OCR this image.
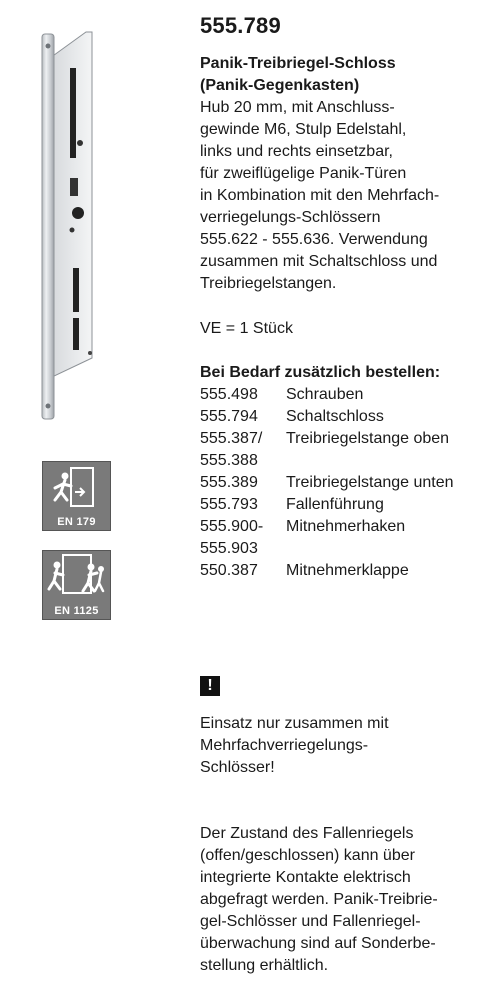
EN 179
EN 1125
555.789
Panik-Treibriegel-Schloss
(Panik-Gegenkasten)
Hub 20 mm, mit Anschluss-
gewinde M6, Stulp Edelstahl,
links und rechts einsetzbar,
für zweiflügelige Panik-Türen
in Kombination mit den Mehrfach-
verriegelungs-Schlössern
555.622 - 555.636. Verwendung
zusammen mit Schaltschloss und
Treibriegelstangen.
VE = 1 Stück
Bei Bedarf zusätzlich bestellen:
555.498 Schrauben
555.794 Schaltschloss
555.387/ Treibriegelstange oben
555.388
555.389 Treibriegelstange unten
555.793 Fallenführung
555.900- Mitnehmerhaken
555.903
550.387 Mitnehmerklappe
!
Einsatz nur zusammen mit
Mehrfachverriegelungs-
Schlösser!
Der Zustand des Fallenriegels
(offen/geschlossen) kann über
integrierte Kontakte elektrisch
abgefragt werden. Panik-Treibrie-
gel-Schlösser und Fallenriegel-
überwachung sind auf Sonderbe-
stellung erhältlich.
